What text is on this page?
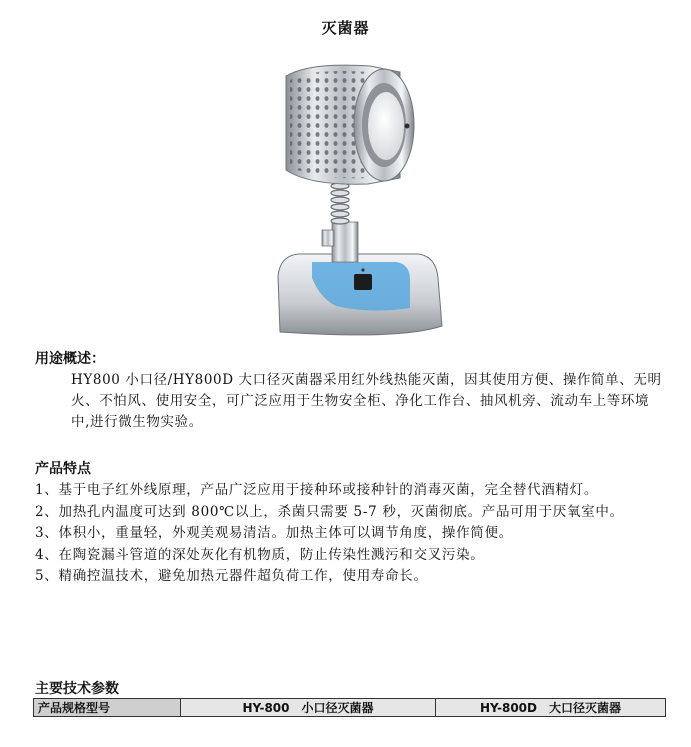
灭菌器
用途概述：
HY800 小口径/HY800D 大口径灭菌器采用红外线热能灭菌，因其使用方便、操作简单、无明火、不怕风、使用安全，可广泛应用于生物安全柜、净化工作台、抽风机旁、流动车上等环境中,进行微生物实验。
产品特点
1、基于电子红外线原理，产品广泛应用于接种环或接种针的消毒灭菌，完全替代酒精灯。
2、加热孔内温度可达到 800℃以上，杀菌只需要 5-7 秒，灭菌彻底。产品可用于厌氧室中。
3、体积小，重量轻，外观美观易清洁。加热主体可以调节角度，操作简便。
4、在陶瓷漏斗管道的深处灰化有机物质，防止传染性溅污和交叉污染。
5、精确控温技术，避免加热元器件超负荷工作，使用寿命长。
主要技术参数
产品规格型号	HY-800　小口径灭菌器	HY-800D　大口径灭菌器
